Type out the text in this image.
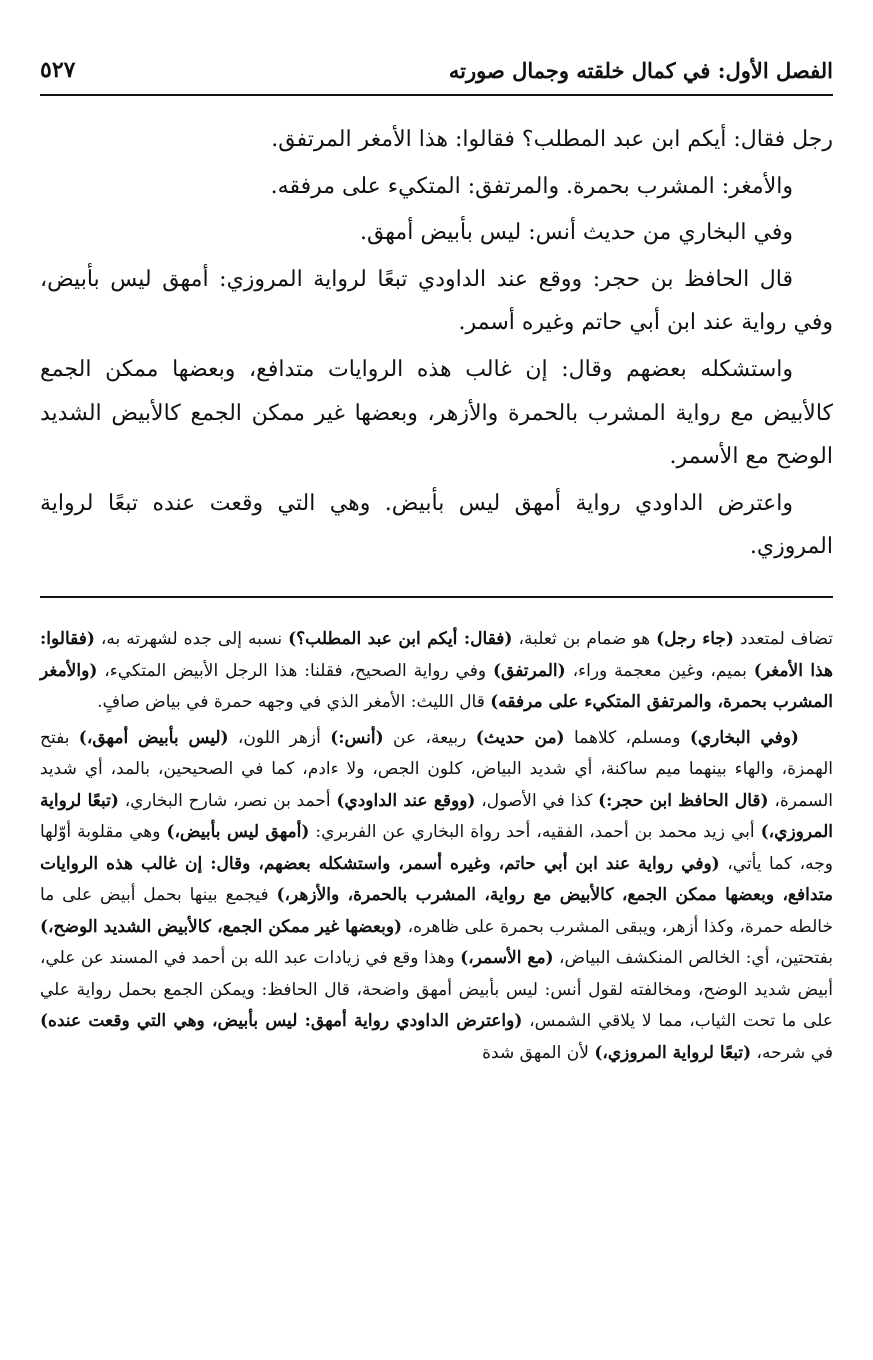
الفصل الأول: في كمال خلقته وجمال صورته
٥٢٧

رجل فقال: أيكم ابن عبد المطلب؟ فقالوا: هذا الأمغر المرتفق.

والأمغر: المشرب بحمرة. والمرتفق: المتكيء على مرفقه.

وفي البخاري من حديث أنس: ليس بأبيض أمهق.

قال الحافظ بن حجر: ووقع عند الداودي تبعًا لرواية المروزي: أمهق ليس بأبيض، وفي رواية عند ابن أبي حاتم وغيره أسمر.

واستشكله بعضهم وقال: إن غالب هذه الروايات متدافع، وبعضها ممكن الجمع كالأبيض مع رواية المشرب بالحمرة والأزهر، وبعضها غير ممكن الجمع كالأبيض الشديد الوضح مع الأسمر.

واعترض الداودي رواية أمهق ليس بأبيض. وهي التي وقعت عنده تبعًا لرواية المروزي.

تضاف لمتعدد (جاء رجل) هو ضمام بن ثعلبة، (فقال: أيكم ابن عبد المطلب؟) نسبه إلى جده لشهرته به، (فقالوا: هذا الأمغر) بميم، وغين معجمة وراء، (المرتفق) وفي رواية الصحيح، فقلنا: هذا الرجل الأبيض المتكيء، (والأمغر المشرب بحمرة، والمرتفق المتكيء على مرفقه) قال الليث: الأمغر الذي في وجهه حمرة في بياض صافٍ.

(وفي البخاري) ومسلم، كلاهما (من حديث) ربيعة، عن (أنس:) أزهر اللون، (ليس بأبيض أمهق،) بفتح الهمزة، والهاء بينهما ميم ساكنة، أي شديد البياض، كلون الجص، ولا ءادم، كما في الصحيحين، بالمد، أي شديد السمرة، (قال الحافظ ابن حجر:) كذا في الأصول، (ووقع عند الداودي) أحمد بن نصر، شارح البخاري، (تبعًا لرواية المروزي،) أبي زيد محمد بن أحمد، الفقيه، أحد رواة البخاري عن الفربري: (أمهق ليس بأبيض،) وهي مقلوبة أوّلها وجه، كما يأتي، (وفي رواية عند ابن أبي حاتم، وغيره أسمر، واستشكله بعضهم، وقال: إن غالب هذه الروايات متدافع، وبعضها ممكن الجمع، كالأبيض مع رواية، المشرب بالحمرة، والأزهر،) فيجمع بينها بحمل أبيض على ما خالطه حمرة، وكذا أزهر، ويبقى المشرب بحمرة على ظاهره، (وبعضها غير ممكن الجمع، كالأبيض الشديد الوضح،) بفتحتين، أي: الخالص المنكشف البياض، (مع الأسمر،) وهذا وقع في زيادات عبد الله بن أحمد في المسند عن علي، أبيض شديد الوضح، ومخالفته لقول أنس: ليس بأبيض أمهق واضحة، قال الحافظ: ويمكن الجمع بحمل رواية علي على ما تحت الثياب، مما لا يلاقي الشمس، (واعترض الداودي رواية أمهق: ليس بأبيض، وهي التي وقعت عنده) في شرحه، (تبعًا لرواية المروزي،) لأن المهق شدة
